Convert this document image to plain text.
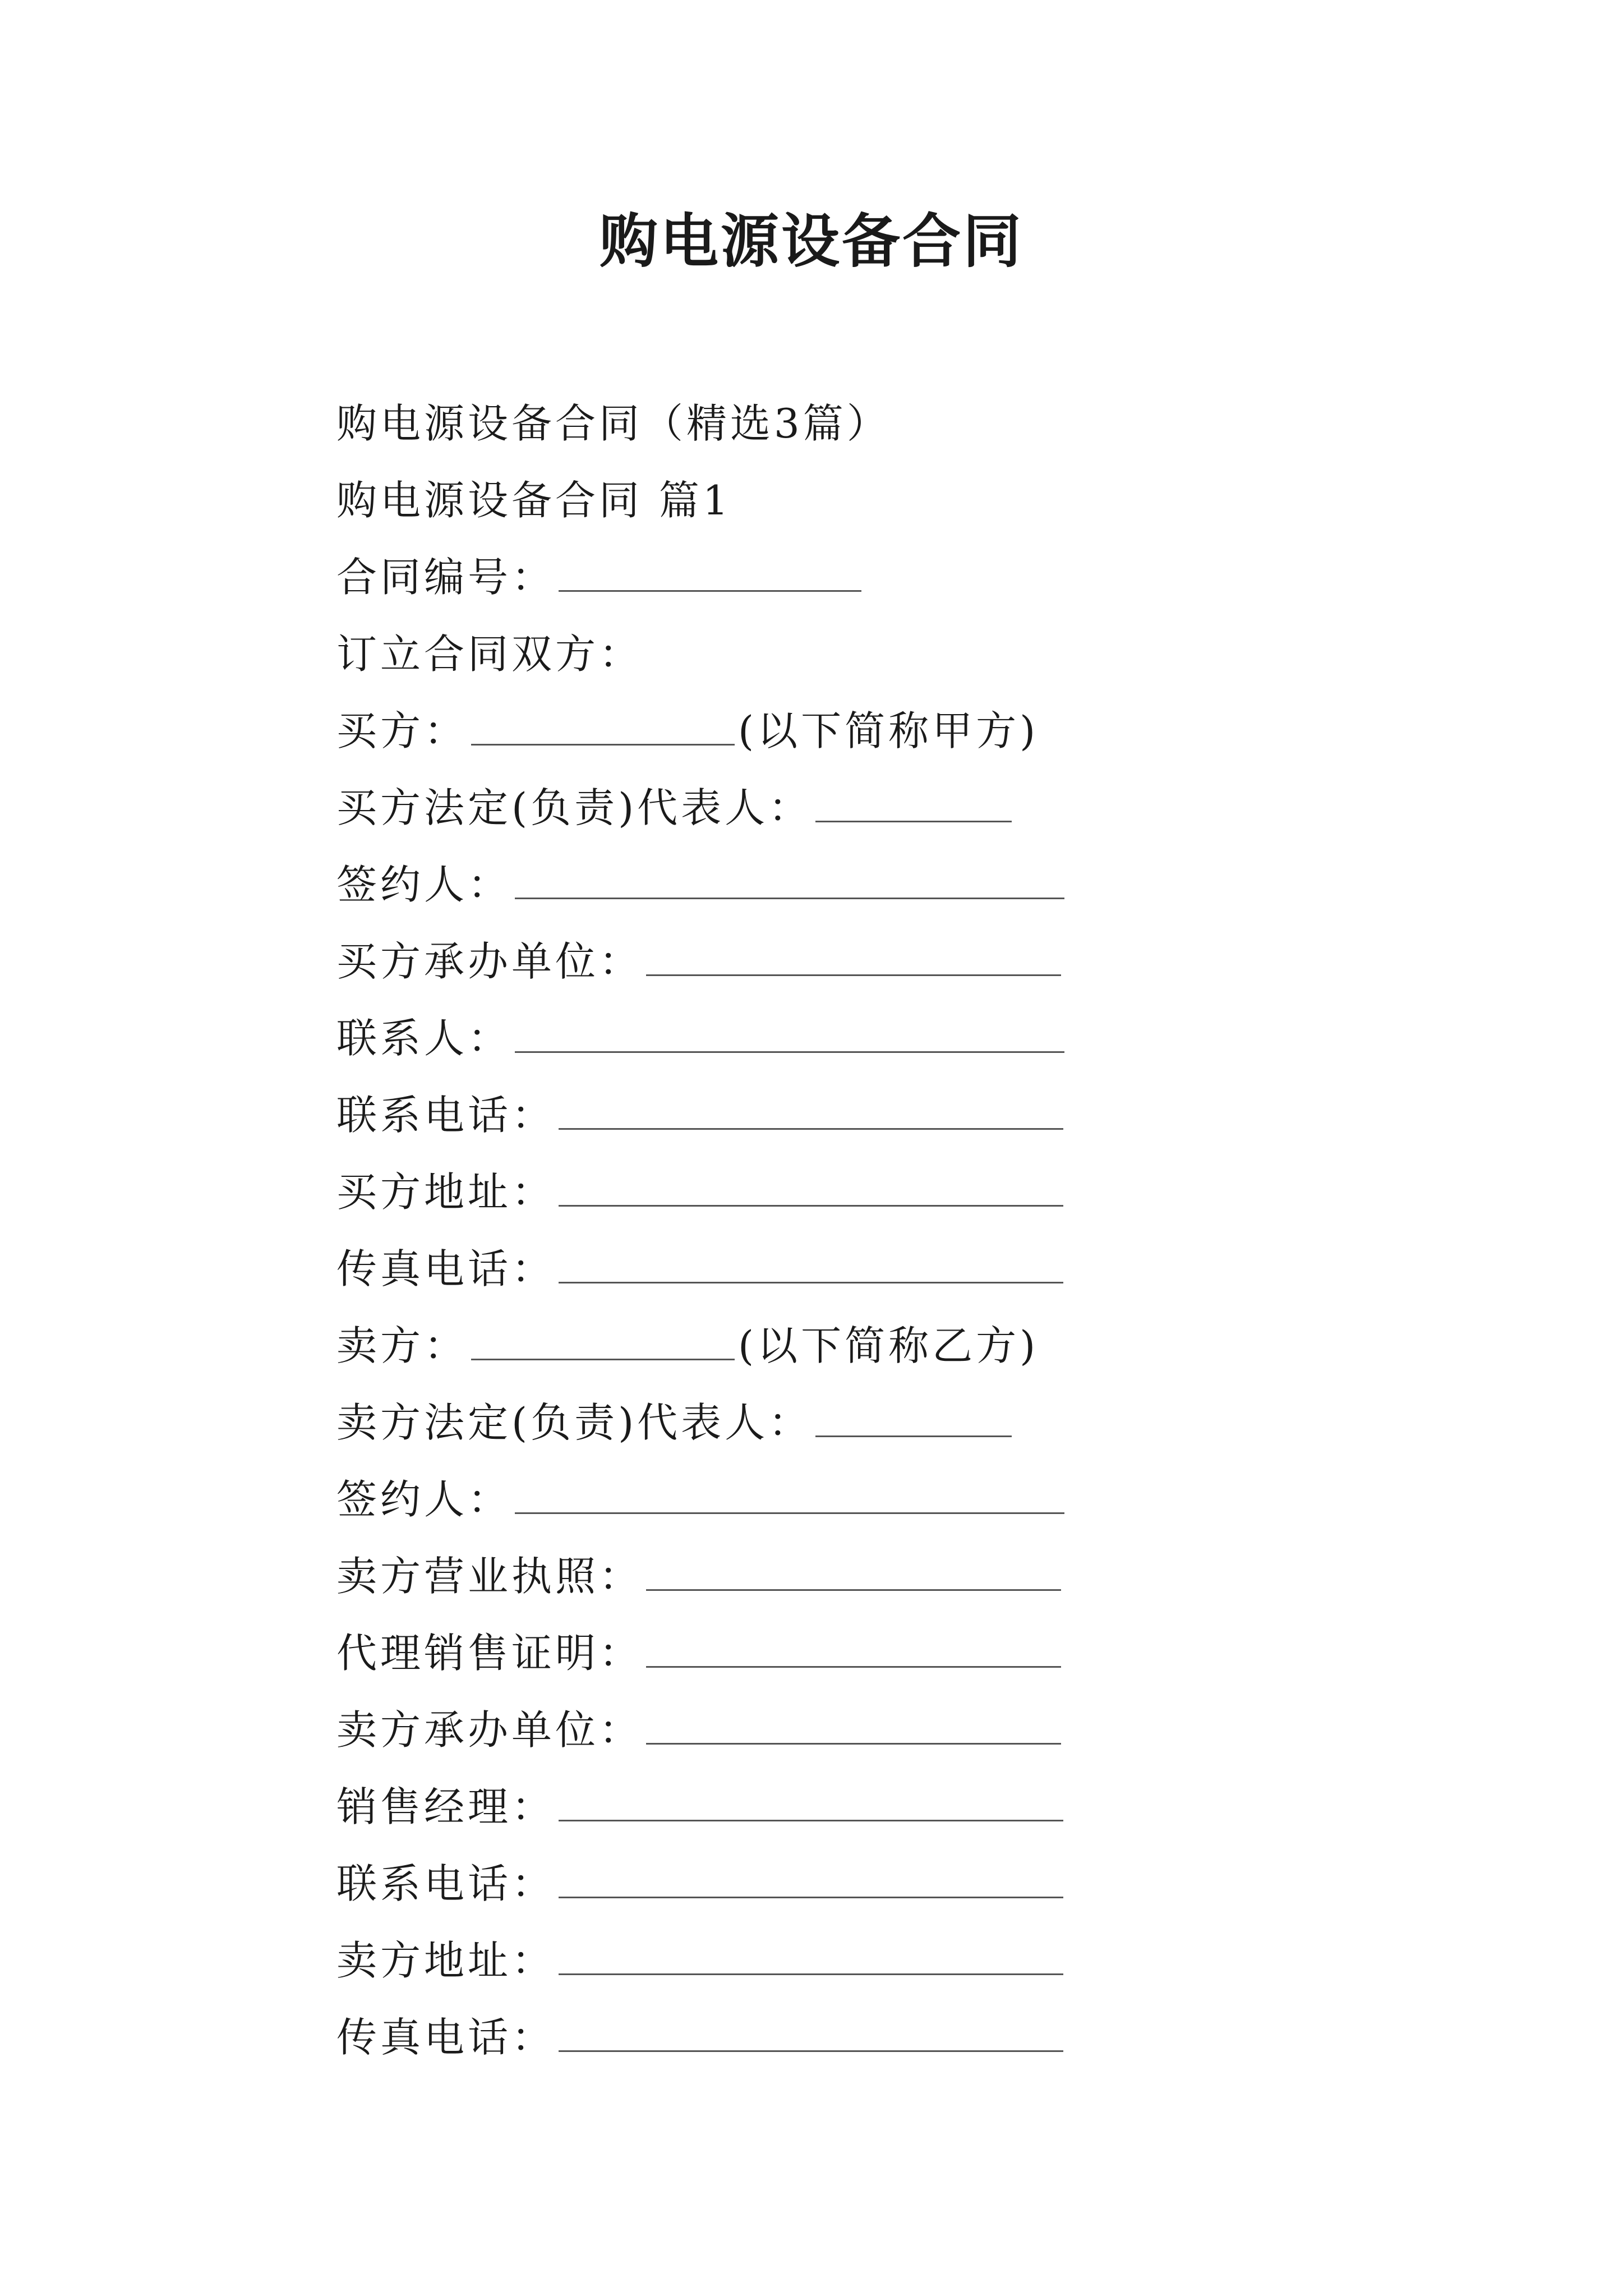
购电源设备合同
购电源设备合同（精选3篇）
购电源设备合同 篇1
合同编号：
订立合同双方：
买方：	(以下简称甲方)
买方法定(负责)代表人：
签约人：
买方承办单位：
联系人：
联系电话：
买方地址：
传真电话：
卖方：	(以下简称乙方)
卖方法定(负责)代表人：
签约人：
卖方营业执照：
代理销售证明：
卖方承办单位：
销售经理：
联系电话：
卖方地址：
传真电话：
